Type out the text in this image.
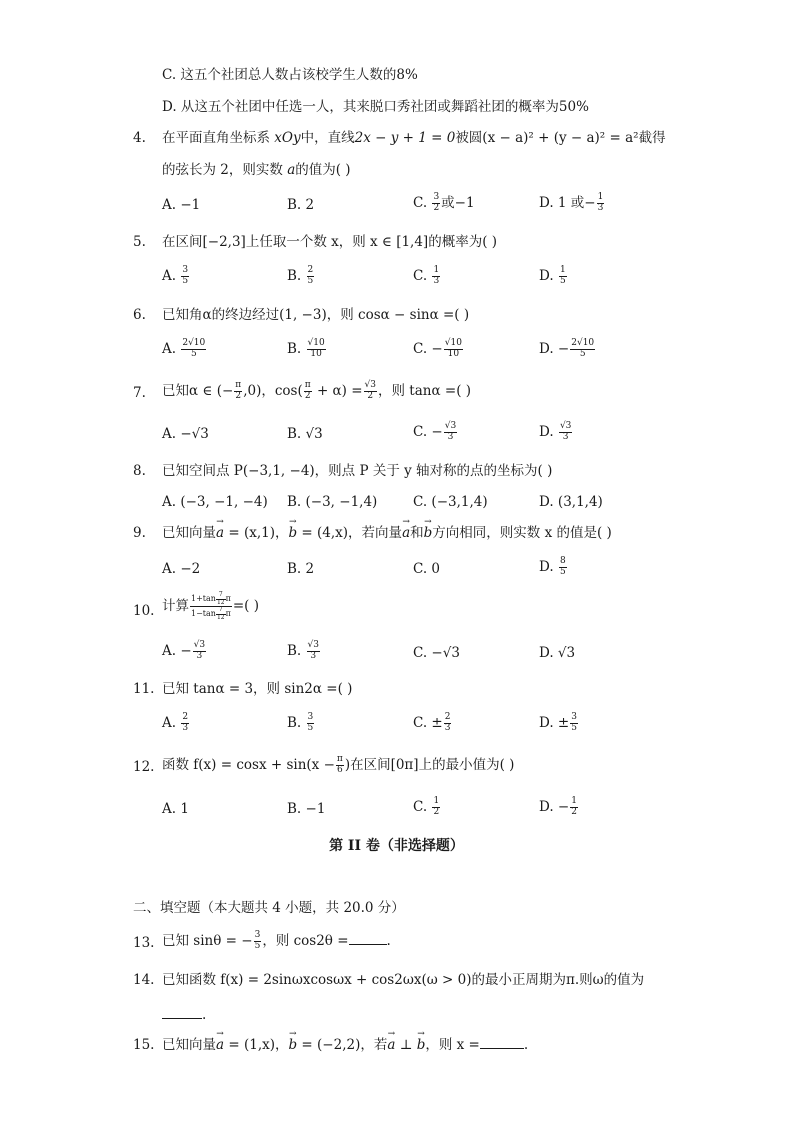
C. 这五个社团总人数占该校学生人数的8%
D. 从这五个社团中任选一人，其来脱口秀社团或舞蹈社团的概率为50%
4. 在平面直角坐标系 xOy中，直线2x − y + 1 = 0被圆(x − a)² + (y − a)² = a²截得
的弦长为 2，则实数 a的值为( )
A. −1	B. 2	C. $\frac{3}{2}$ 或−1	D. 1 或− $\frac{1}{3}$
5. 在区间[−2,3]上任取一个数 x，则 x ∈ [1,4]的概率为( )
A. $\frac{3}{5}$	B. $\frac{2}{5}$	C. $\frac{1}{3}$	D. $\frac{1}{5}$
6. 已知角α的终边经过(1, −3)，则 cosα − sinα =( )
A. $\frac{2√10}{5}$	B. $\frac{√10}{10}$	C. − $\frac{√10}{10}$	D. − $\frac{2√10}{5}$
7. 已知α ∈ (− $\frac{\pi}{2} ,0$)，$\cos( \frac{\pi}{2} + \alpha) = \frac{√3}{2}$ ，则 tanα =( )
A. −√3	B. √3	C. − $\frac{√3}{3}$	D. $\frac{√3}{3}$
8. 已知空间点 P(−3,1, −4)，则点 P 关于 y 轴对称的点的坐标为( )
A. (−3, −1, −4) B. (−3, −1,4)	C. (−3,1,4)	D. (3,1,4)
9. 已知向量→ a = (x,1)，→ b = (4,x)，若向量→ a和→ b方向相同，则实数 x 的值是( )
A. −2	B. 2	C. 0	D. $\frac{8}{5}$
10. 计算 $\frac{1+\tan \frac{7}{12} \pi}{1-\tan \frac{7}{12} \pi}$ =( )
A. − $\frac{√3}{3}$	B. $\frac{√3}{3}$	C. −√3	D. √3
11. 已知 tanα = 3，则 sin2α =( )
A. $\frac{2}{3}$	B. $\frac{3}{5}$	C. ± $\frac{2}{3}$	D. ± $\frac{3}{5}$
12. 函数 $f(x) = \cos x + \sin(x - \frac{\pi}{6}$ )在区间[0π]上的最小值为( )
A. 1	B. −1	C. $\frac{1}{2}$	D. − $\frac{1}{2}$
第 II 卷（非选择题）
二、填空题（本大题共 4 小题，共 20.0 分）
13. 已知 sinθ = − $\frac{3}{5}$ ，则 cos2θ =	.
14. 已知函数 f(x) = 2sinωxcosωx + cos2ωx(ω > 0)的最小正周期为π.则ω的值为
.
15. 已知向量→ a = (1,x)，→ b = (−2,2)，若→ a ⊥ → b，则 x =	.
